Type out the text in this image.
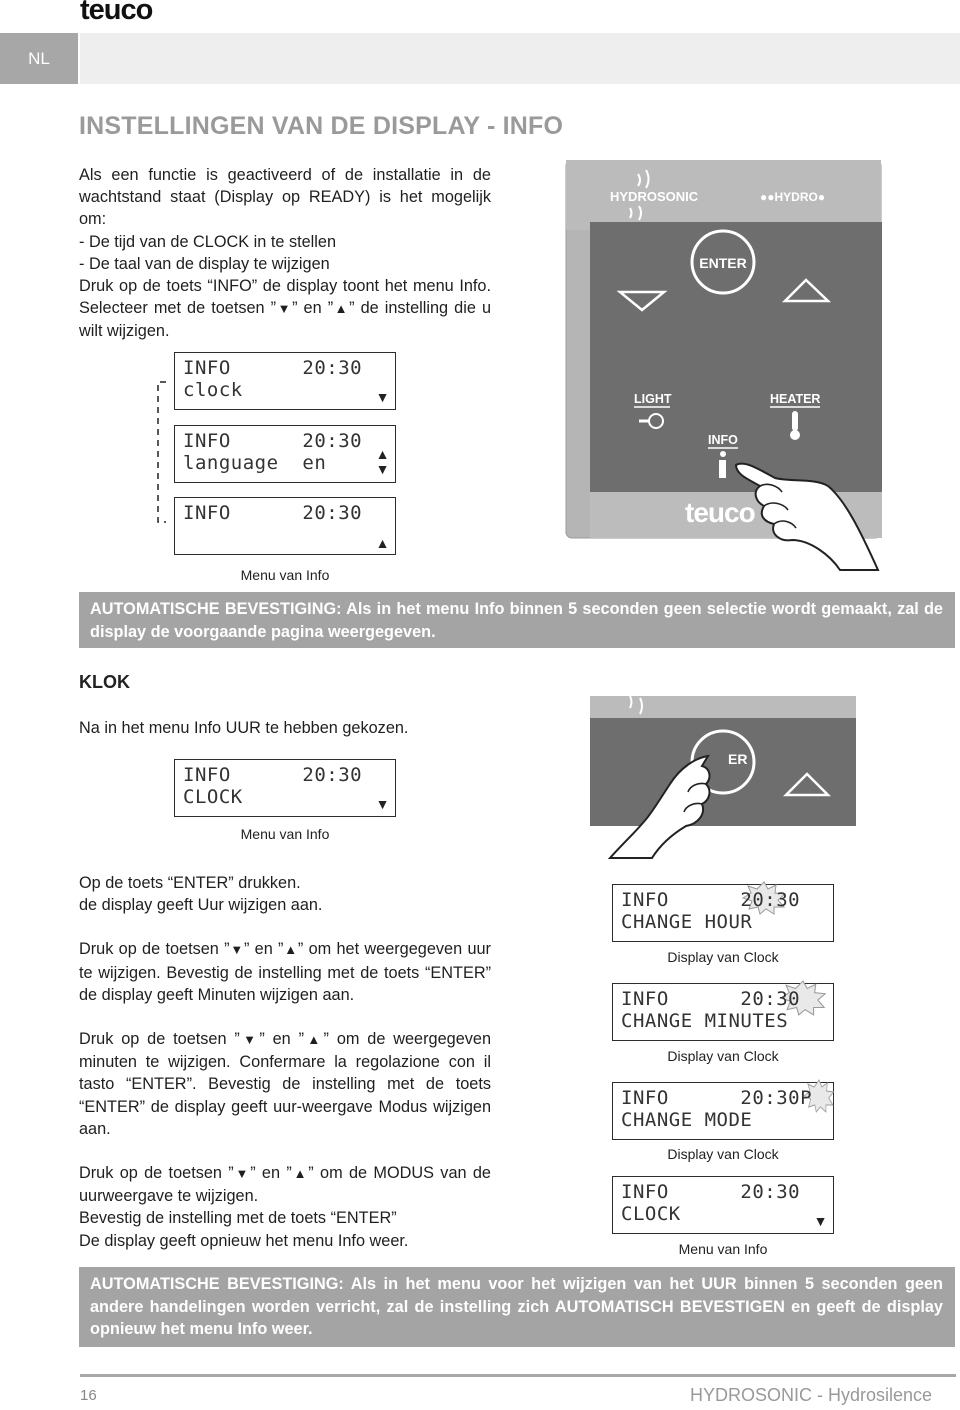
teuco
NL
INSTELLINGEN VAN DE DISPLAY - INFO
Als een functie is geactiveerd of de installatie in de wachtstand staat (Display op READY) is het mogelijk om:
- De tijd van de CLOCK in te stellen
- De taal van de display te wijzigen
Druk op de toets “INFO” de display toont het menu Info. Selecteer met de toetsen ”▼” en ”▲” de instelling die u wilt wijzigen.
INFO      20:30
clock	▼
INFO      20:30
language  en	▲
▼
INFO      20:30
▲
Menu van Info
HYDROSONIC	●●HYDRO●
ENTER
LIGHT	HEATER
INFO
teuco
AUTOMATISCHE BEVESTIGING: Als in het menu Info binnen 5 seconden geen selectie wordt gemaakt, zal de display de voorgaande pagina weergegeven.
KLOK
Na in het menu Info UUR te hebben gekozen.
INFO      20:30
CLOCK	▼
Menu van Info
ER
Op de toets “ENTER” drukken.
de display geeft Uur wijzigen aan.
Druk op de toetsen ”▼” en ”▲” om het weergegeven uur te wijzigen. Bevestig de instelling met de toets “ENTER” de display geeft Minuten wijzigen aan.
Druk op de toetsen ”▼” en ”▲” om de weergegeven minuten te wijzigen. Confermare la regolazione con il tasto “ENTER”. Bevestig de instelling met de toets “ENTER” de display geeft uur-weergave Modus wijzigen aan.
Druk op de toetsen ”▼” en ”▲” om de MODUS van de uurweergave te wijzigen.
Bevestig de instelling met de toets “ENTER”
De display geeft opnieuw het menu Info weer.
INFO      20:30
CHANGE HOUR
Display van Clock
INFO      20:30
CHANGE MINUTES
Display van Clock
INFO      20:30P
CHANGE MODE
Display van Clock
INFO      20:30
CLOCK	▼
Menu van Info
AUTOMATISCHE BEVESTIGING: Als in het menu voor het wijzigen van het UUR binnen 5 seconden geen andere handelingen worden verricht, zal de instelling zich AUTOMATISCH BEVESTIGEN en geeft de display opnieuw het menu Info weer.
16	HYDROSONIC - Hydrosilence
